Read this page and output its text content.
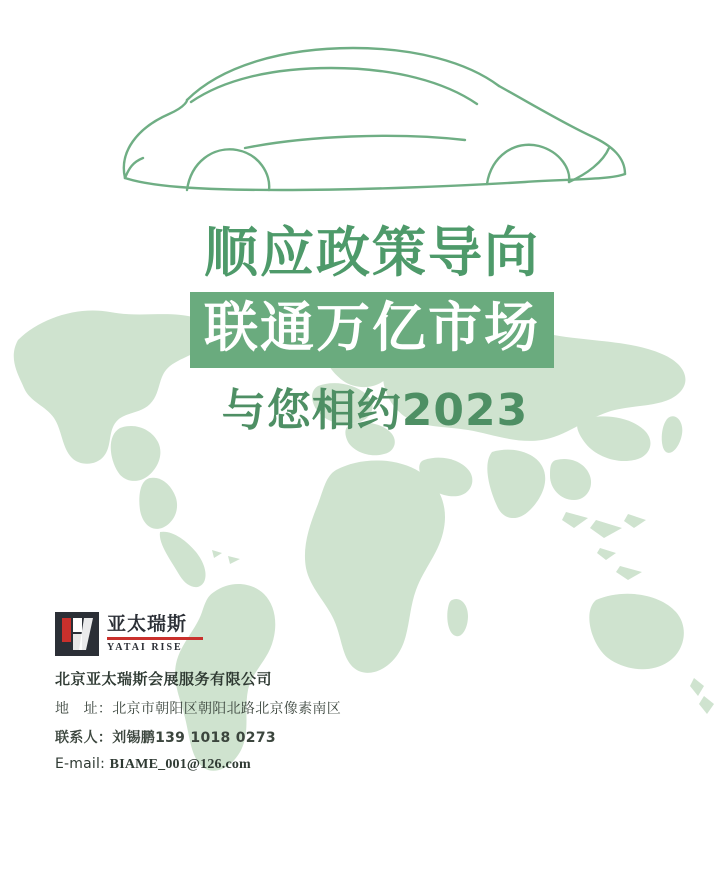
顺应政策导向
联通万亿市场
与您相约2023
亚太瑞斯
YATAI RISE
北京亚太瑞斯会展服务有限公司
地　址：北京市朝阳区朝阳北路北京像素南区
联系人：刘锡鹏139 1018 0273
E-mail: BIAME_001@126.com
